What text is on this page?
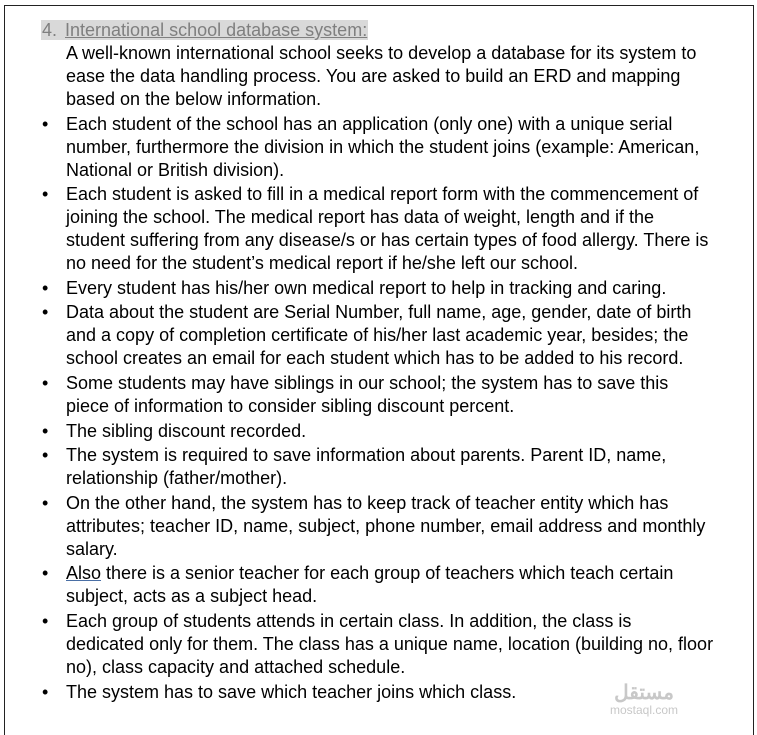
4. International school database system:
A well-known international school seeks to develop a database for its system to
ease the data handling process. You are asked to build an ERD and mapping
based on the below information.
• Each student of the school has an application (only one) with a unique serial
number, furthermore the division in which the student joins (example: American,
National or British division).
• Each student is asked to fill in a medical report form with the commencement of
joining the school. The medical report has data of weight, length and if the
student suffering from any disease/s or has certain types of food allergy. There is
no need for the student’s medical report if he/she left our school.
• Every student has his/her own medical report to help in tracking and caring.
• Data about the student are Serial Number, full name, age, gender, date of birth
and a copy of completion certificate of his/her last academic year, besides; the
school creates an email for each student which has to be added to his record.
• Some students may have siblings in our school; the system has to save this
piece of information to consider sibling discount percent.
• The sibling discount recorded.
• The system is required to save information about parents. Parent ID, name,
relationship (father/mother).
• On the other hand, the system has to keep track of teacher entity which has
attributes; teacher ID, name, subject, phone number, email address and monthly
salary.
• Also there is a senior teacher for each group of teachers which teach certain
subject, acts as a subject head.
• Each group of students attends in certain class. In addition, the class is
dedicated only for them. The class has a unique name, location (building no, floor
no), class capacity and attached schedule.
• The system has to save which teacher joins which class.	مستقل
mostaql.com
